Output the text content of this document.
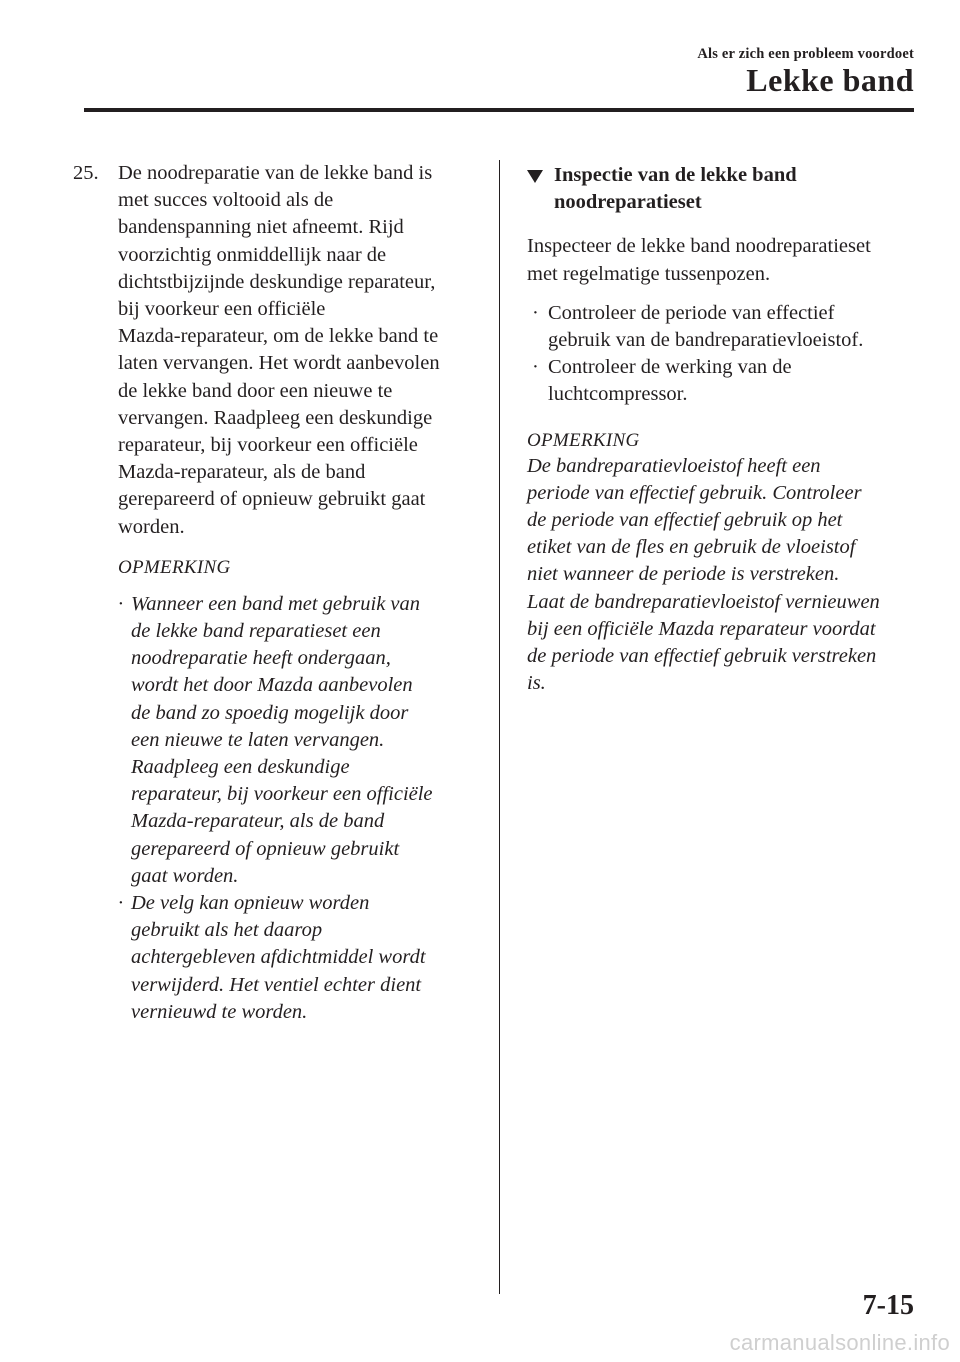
Als er zich een probleem voordoet
Lekke band
25. De noodreparatie van de lekke band is
met succes voltooid als de
bandenspanning niet afneemt. Rijd
voorzichtig onmiddellijk naar de
dichtstbijzijnde deskundige reparateur,
bij voorkeur een officiële
Mazda-reparateur, om de lekke band te
laten vervangen. Het wordt aanbevolen
de lekke band door een nieuwe te
vervangen. Raadpleeg een deskundige
reparateur, bij voorkeur een officiële
Mazda-reparateur, als de band
gerepareerd of opnieuw gebruikt gaat
worden.
OPMERKING
· Wanneer een band met gebruik van
de lekke band reparatieset een
noodreparatie heeft ondergaan,
wordt het door Mazda aanbevolen
de band zo spoedig mogelijk door
een nieuwe te laten vervangen.
Raadpleeg een deskundige
reparateur, bij voorkeur een officiële
Mazda-reparateur, als de band
gerepareerd of opnieuw gebruikt
gaat worden.
· De velg kan opnieuw worden
gebruikt als het daarop
achtergebleven afdichtmiddel wordt
verwijderd. Het ventiel echter dient
vernieuwd te worden.
Inspectie van de lekke band
noodreparatieset
Inspecteer de lekke band noodreparatieset
met regelmatige tussenpozen.
· Controleer de periode van effectief
gebruik van de bandreparatievloeistof.
· Controleer de werking van de
luchtcompressor.
OPMERKING
De bandreparatievloeistof heeft een
periode van effectief gebruik. Controleer
de periode van effectief gebruik op het
etiket van de fles en gebruik de vloeistof
niet wanneer de periode is verstreken.
Laat de bandreparatievloeistof vernieuwen
bij een officiële Mazda reparateur voordat
de periode van effectief gebruik verstreken
is.
7-15
carmanualsonline.info
